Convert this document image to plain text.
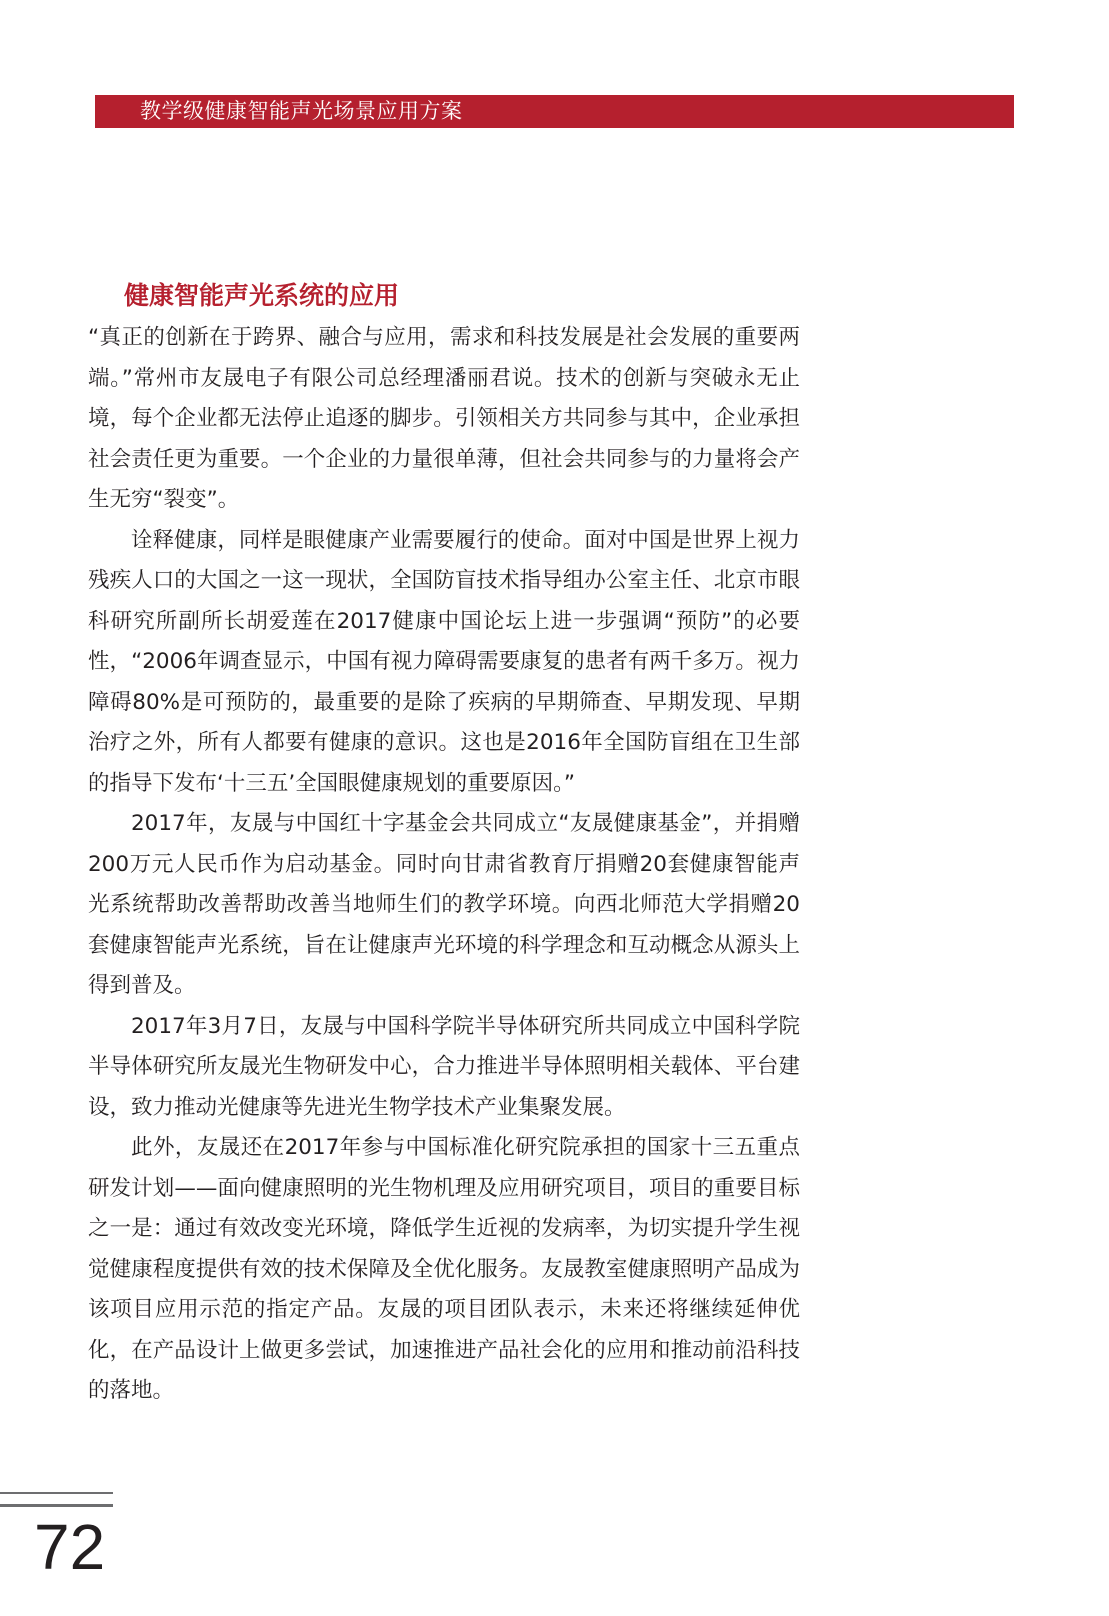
教学级健康智能声光场景应用方案
健康智能声光系统的应用

“真正的创新在于跨界、融合与应用，需求和科技发展是社会发展的重要两端。”常州市友晟电子有限公司总经理潘丽君说。技术的创新与突破永无止境，每个企业都无法停止追逐的脚步。引领相关方共同参与其中，企业承担社会责任更为重要。一个企业的力量很单薄，但社会共同参与的力量将会产生无穷“裂变”。

诠释健康，同样是眼健康产业需要履行的使命。面对中国是世界上视力残疾人口的大国之一这一现状，全国防盲技术指导组办公室主任、北京市眼科研究所副所长胡爱莲在2017健康中国论坛上进一步强调“预防”的必要性，“2006年调查显示，中国有视力障碍需要康复的患者有两千多万。视力障碍80%是可预防的，最重要的是除了疾病的早期筛查、早期发现、早期治疗之外，所有人都要有健康的意识。这也是2016年全国防盲组在卫生部的指导下发布‘十三五’全国眼健康规划的重要原因。”

2017年，友晟与中国红十字基金会共同成立“友晟健康基金”，并捐赠200万元人民币作为启动基金。同时向甘肃省教育厅捐赠20套健康智能声光系统帮助改善帮助改善当地师生们的教学环境。向西北师范大学捐赠20 套健康智能声光系统，旨在让健康声光环境的科学理念和互动概念从源头上得到普及。

2017年3月7日，友晟与中国科学院半导体研究所共同成立中国科学院半导体研究所友晟光生物研发中心，合力推进半导体照明相关载体、平台建设，致力推动光健康等先进光生物学技术产业集聚发展。

此外，友晟还在2017年参与中国标准化研究院承担的国家十三五重点研发计划——面向健康照明的光生物机理及应用研究项目，项目的重要目标之一是：通过有效改变光环境，降低学生近视的发病率，为切实提升学生视觉健康程度提供有效的技术保障及全优化服务。友晟教室健康照明产品成为该项目应用示范的指定产品。友晟的项目团队表示，未来还将继续延伸优化，在产品设计上做更多尝试，加速推进产品社会化的应用和推动前沿科技的落地。

72
